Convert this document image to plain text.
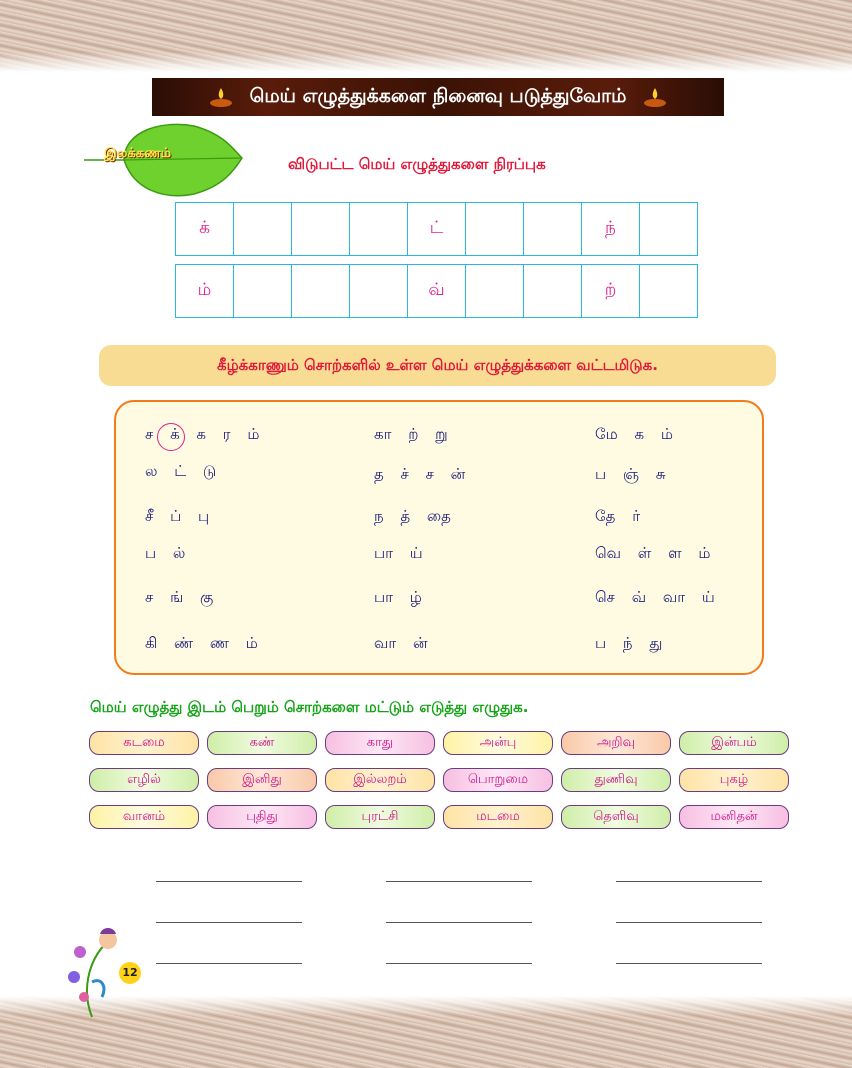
மெய் எழுத்துக்களை நினைவு படுத்துவோம்
இலக்கணம்
விடுபட்ட மெய் எழுத்துகளை நிரப்புக
க்				ட்			ந்	
ம்				வ்			ற்	
கீழ்க்காணும் சொற்களில் உள்ள மெய் எழுத்துக்களை வட்டமிடுக.
ச க் க ர ம்	கா ற் று	மே க ம்
ல ட் டு	த ச் ச ன்	ப ஞ் சு
சீ ப் பு	ந த் தை	தே ர்
ப ல்	பா ய்	வெ ள் ள ம்
ச ங் கு	பா ழ்	செ வ் வா ய்
கி ண் ண ம்	வா ன்	ப ந் து
மெய் எழுத்து இடம் பெறும் சொற்களை மட்டும் எடுத்து எழுதுக.
கடமை	கண்	காது	அன்பு	அறிவு	இன்பம்
எழில்	இனிது	இல்லறம்	பொறுமை	துணிவு	புகழ்
வானம்	புதிது	புரட்சி	மடமை	தெளிவு	மனிதன்
12
